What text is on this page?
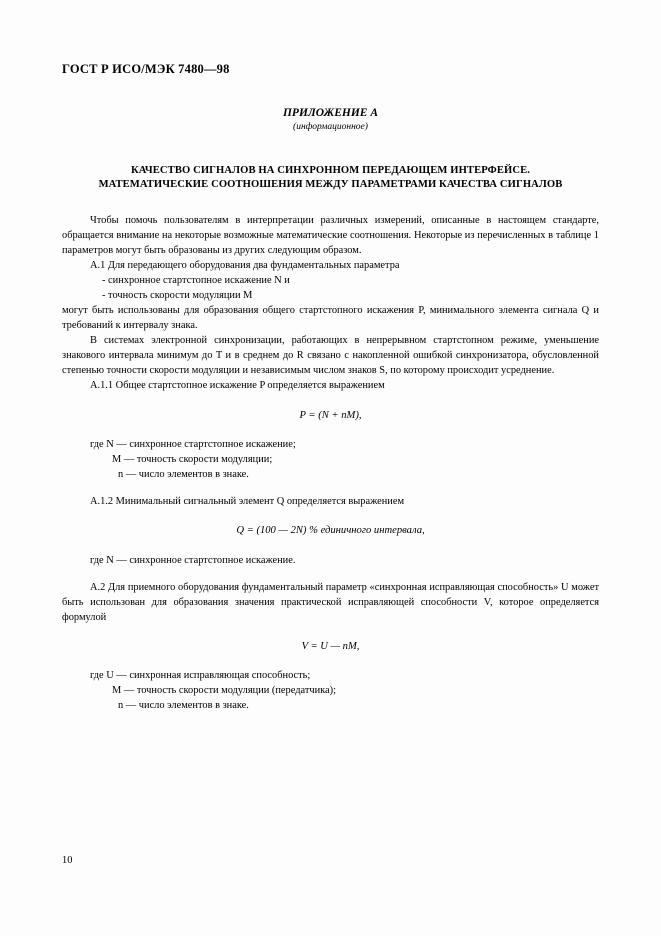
ГОСТ Р ИСО/МЭК 7480—98
ПРИЛОЖЕНИЕ А
(информационное)
КАЧЕСТВО СИГНАЛОВ НА СИНХРОННОМ ПЕРЕДАЮЩЕМ ИНТЕРФЕЙСЕ.
МАТЕМАТИЧЕСКИЕ СООТНОШЕНИЯ МЕЖДУ ПАРАМЕТРАМИ КАЧЕСТВА СИГНАЛОВ

Чтобы помочь пользователям в интерпретации различных измерений, описанные в настоящем стандарте, обращается внимание на некоторые возможные математические соотношения. Некоторые из перечисленных в таблице 1 параметров могут быть образованы из других следующим образом.

А.1 Для передающего оборудования два фундаментальных параметра

- синхронное стартстопное искажение N и

- точность скорости модуляции M

могут быть использованы для образования общего стартстопного искажения P, минимального элемента сигнала Q и требований к интервалу знака.

В системах электронной синхронизации, работающих в непрерывном стартстопном режиме, уменьшение знакового интервала минимум до T и в среднем до R связано с накопленной ошибкой синхронизатора, обусловленной степенью точности скорости модуляции и независимым числом знаков S, по которому происходит усреднение.

А.1.1 Общее стартстопное искажение P определяется выражением

P = (N + nM),

где N — синхронное стартстопное искажение;

M — точность скорости модуляции;

n — число элементов в знаке.

А.1.2 Минимальный сигнальный элемент Q определяется выражением

Q = (100 — 2N) % единичного интервала,

где N — синхронное стартстопное искажение.

А.2 Для приемного оборудования фундаментальный параметр «синхронная исправляющая способность» U может быть использован для образования значения практической исправляющей способности V, которое определяется формулой

V = U — nM,

где U — синхронная исправляющая способность;

M — точность скорости модуляции (передатчика);

n — число элементов в знаке.

10
